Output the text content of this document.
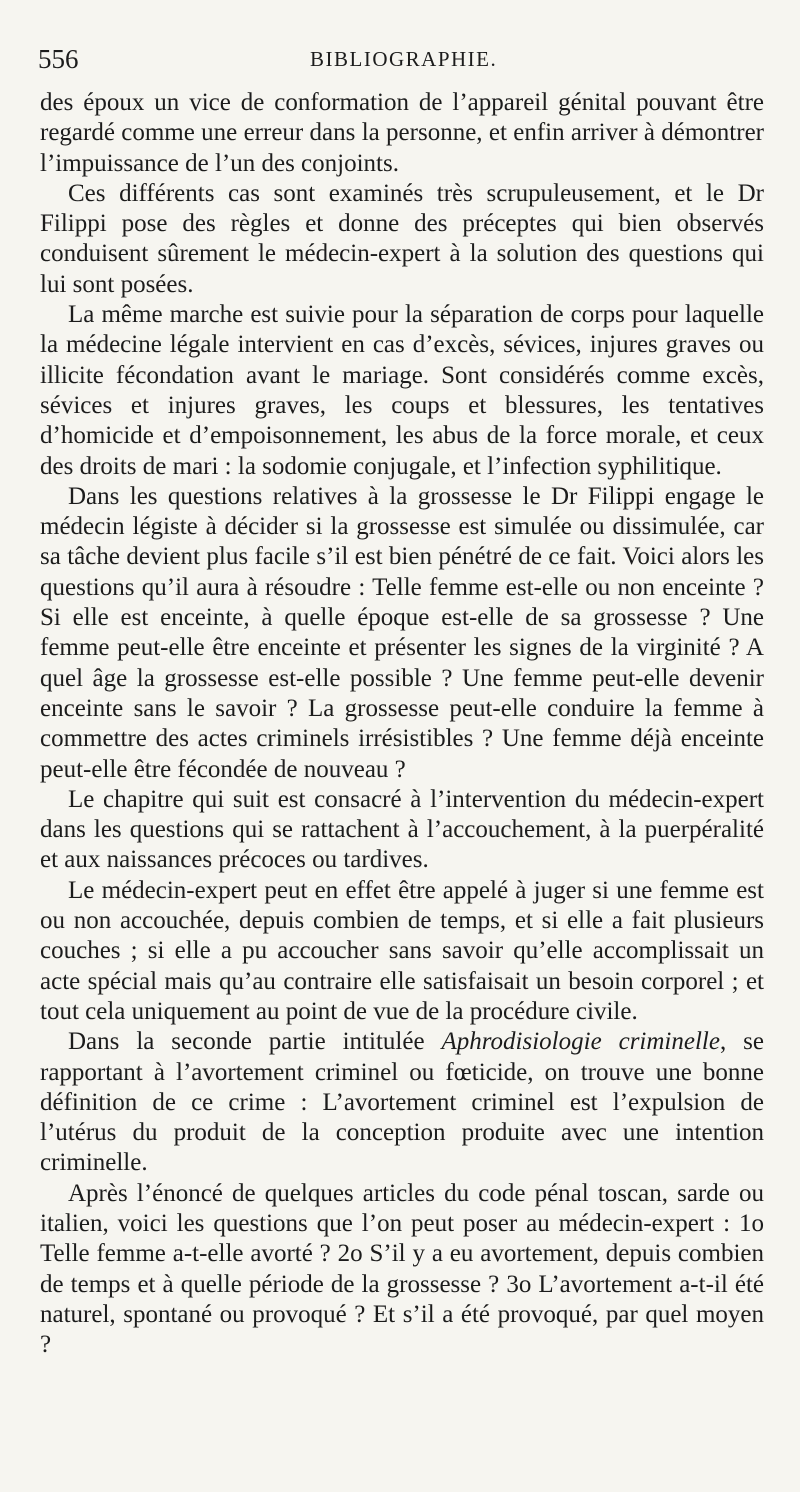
556	BIBLIOGRAPHIE.

des époux un vice de conformation de l’appareil génital pouvant être regardé comme une erreur dans la personne, et enfin arriver à démontrer l’impuissance de l’un des conjoints.

Ces différents cas sont examinés très scrupuleusement, et le Dr Filippi pose des règles et donne des préceptes qui bien observés conduisent sûrement le médecin-expert à la solution des questions qui lui sont posées.

La même marche est suivie pour la séparation de corps pour laquelle la médecine légale intervient en cas d’excès, sévices, injures graves ou illicite fécondation avant le mariage. Sont considérés comme excès, sévices et injures graves, les coups et blessures, les tentatives d’homicide et d’empoisonnement, les abus de la force morale, et ceux des droits de mari : la sodomie conjugale, et l’infection syphilitique.

Dans les questions relatives à la grossesse le Dr Filippi engage le médecin légiste à décider si la grossesse est simulée ou dissimulée, car sa tâche devient plus facile s’il est bien pénétré de ce fait. Voici alors les questions qu’il aura à résoudre : Telle femme est-elle ou non enceinte ? Si elle est enceinte, à quelle époque est-elle de sa grossesse ? Une femme peut-elle être enceinte et présenter les signes de la virginité ? A quel âge la grossesse est-elle possible ? Une femme peut-elle devenir enceinte sans le savoir ? La grossesse peut-elle conduire la femme à commettre des actes criminels irrésistibles ? Une femme déjà enceinte peut-elle être fécondée de nouveau ?

Le chapitre qui suit est consacré à l’intervention du médecin-expert dans les questions qui se rattachent à l’accouchement, à la puerpéralité et aux naissances précoces ou tardives.

Le médecin-expert peut en effet être appelé à juger si une femme est ou non accouchée, depuis combien de temps, et si elle a fait plusieurs couches ; si elle a pu accoucher sans savoir qu’elle accomplissait un acte spécial mais qu’au contraire elle satisfaisait un besoin corporel ; et tout cela uniquement au point de vue de la procédure civile.

Dans la seconde partie intitulée Aphrodisiologie criminelle, se rapportant à l’avortement criminel ou fœticide, on trouve une bonne définition de ce crime : L’avortement criminel est l’expulsion de l’utérus du produit de la conception produite avec une intention criminelle.

Après l’énoncé de quelques articles du code pénal toscan, sarde ou italien, voici les questions que l’on peut poser au médecin-expert : 1o Telle femme a-t-elle avorté ? 2o S’il y a eu avortement, depuis combien de temps et à quelle période de la grossesse ? 3o L’avortement a-t-il été naturel, spontané ou provoqué ? Et s’il a été provoqué, par quel moyen ?
